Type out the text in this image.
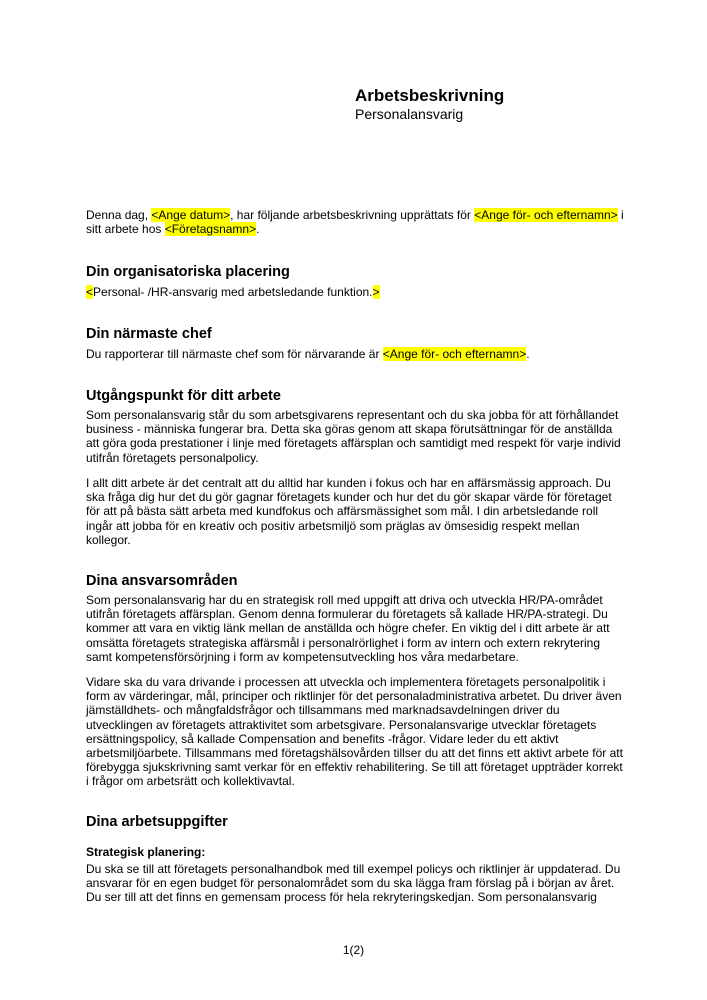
Arbetsbeskrivning
Personalansvarig

Denna dag, <Ange datum>, har följande arbetsbeskrivning upprättats för <Ange för- och efternamn> i sitt arbete hos <Företagsnamn>.

Din organisatoriska placering

<Personal- /HR-ansvarig med arbetsledande funktion.>

Din närmaste chef

Du rapporterar till närmaste chef som för närvarande är <Ange för- och efternamn>.

Utgångspunkt för ditt arbete

Som personalansvarig står du som arbetsgivarens representant och du ska jobba för att förhållandet business - människa fungerar bra. Detta ska göras genom att skapa förutsättningar för de anställda att göra goda prestationer i linje med företagets affärsplan och samtidigt med respekt för varje individ utifrån företagets personalpolicy.

I allt ditt arbete är det centralt att du alltid har kunden i fokus och har en affärsmässig approach. Du ska fråga dig hur det du gör gagnar företagets kunder och hur det du gör skapar värde för företaget för att på bästa sätt arbeta med kundfokus och affärsmässighet som mål. I din arbetsledande roll ingår att jobba för en kreativ och positiv arbetsmiljö som präglas av ömsesidig respekt mellan kollegor.

Dina ansvarsområden

Som personalansvarig har du en strategisk roll med uppgift att driva och utveckla HR/PA-området utifrån företagets affärsplan. Genom denna formulerar du företagets så kallade HR/PA-strategi. Du kommer att vara en viktig länk mellan de anställda och högre chefer. En viktig del i ditt arbete är att omsätta företagets strategiska affärsmål i personalrörlighet i form av intern och extern rekrytering samt kompetensförsörjning i form av kompetensutveckling hos våra medarbetare.

Vidare ska du vara drivande i processen att utveckla och implementera företagets personalpolitik i form av värderingar, mål, principer och riktlinjer för det personaladministrativa arbetet. Du driver även jämställdhets- och mångfaldsfrågor och tillsammans med marknadsavdelningen driver du utvecklingen av företagets attraktivitet som arbetsgivare. Personalansvarige utvecklar företagets ersättningspolicy, så kallade Compensation and benefits -frågor. Vidare leder du ett aktivt arbetsmiljöarbete. Tillsammans med företagshälsovården tillser du att det finns ett aktivt arbete för att förebygga sjukskrivning samt verkar för en effektiv rehabilitering. Se till att företaget uppträder korrekt i frågor om arbetsrätt och kollektivavtal.

Dina arbetsuppgifter
Strategisk planering:

Du ska se till att företagets personalhandbok med till exempel policys och riktlinjer är uppdaterad. Du ansvarar för en egen budget för personalområdet som du ska lägga fram förslag på i början av året. Du ser till att det finns en gemensam process för hela rekryteringskedjan. Som personalansvarig

1(2)
